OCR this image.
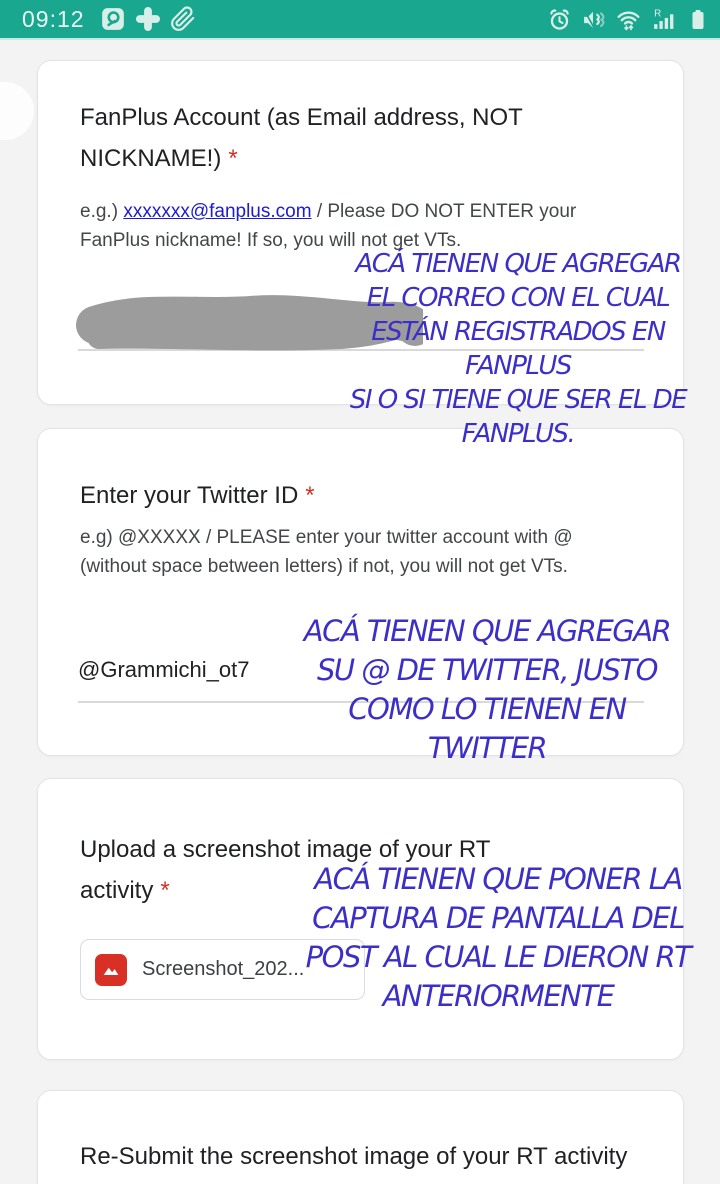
09:12	R
FanPlus Account (as Email address, NOT NICKNAME!) *
e.g.) xxxxxxx@fanplus.com / Please DO NOT ENTER your FanPlus nickname! If so, you will not get VTs.
Enter your Twitter ID *
e.g) @XXXXX / PLEASE enter your twitter account with @ (without space between letters) if not, you will not get VTs.
@Grammichi_ot7
Upload a screenshot image of your RT activity *
Screenshot_202...
Re-Submit the screenshot image of your RT activity
ACÁ TIENEN QUE AGREGAR
EL CORREO CON EL CUAL
ESTÁN REGISTRADOS EN
FANPLUS
SI O SI TIENE QUE SER EL DE
FANPLUS.
ACÁ TIENEN QUE AGREGAR
SU @ DE TWITTER, JUSTO
COMO LO TIENEN EN
TWITTER
ACÁ TIENEN QUE PONER LA
CAPTURA DE PANTALLA DEL
POST AL CUAL LE DIERON RT
ANTERIORMENTE
